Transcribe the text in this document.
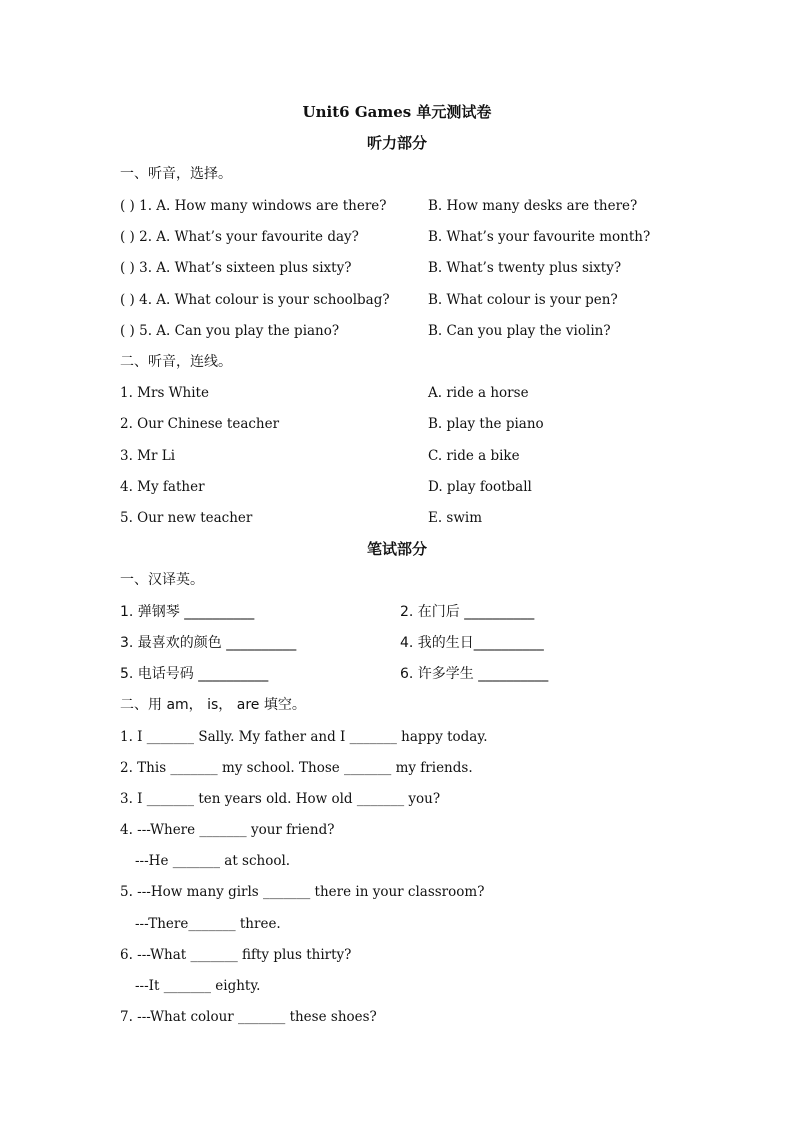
Unit6 Games 单元测试卷
听力部分
一、听音，选择。
( ) 1. A. How many windows are there?	B. How many desks are there?
( ) 2. A. What’s your favourite day?	B. What’s your favourite month?
( ) 3. A. What’s sixteen plus sixty?	B. What’s twenty plus sixty?
( ) 4. A. What colour is your schoolbag?	B. What colour is your pen?
( ) 5. A. Can you play the piano?	B. Can you play the violin?
二、听音，连线。
1. Mrs White	A. ride a horse
2. Our Chinese teacher	B. play the piano
3. Mr Li	C. ride a bike
4. My father	D. play football
5. Our new teacher	E. swim
笔试部分
一、汉译英。
1. 弹钢琴 __________	2. 在门后 __________
3. 最喜欢的颜色 __________	4. 我的生日__________
5. 电话号码 __________	6. 许多学生 __________
二、用 am， is， are 填空。
1. I _______ Sally. My father and I _______ happy today.
2. This _______ my school. Those _______ my friends.
3. I _______ ten years old. How old _______ you?
4. ---Where _______ your friend?
---He _______ at school.
5. ---How many girls _______ there in your classroom?
---There_______ three.
6. ---What _______ fifty plus thirty?
---It _______ eighty.
7. ---What colour _______ these shoes?
